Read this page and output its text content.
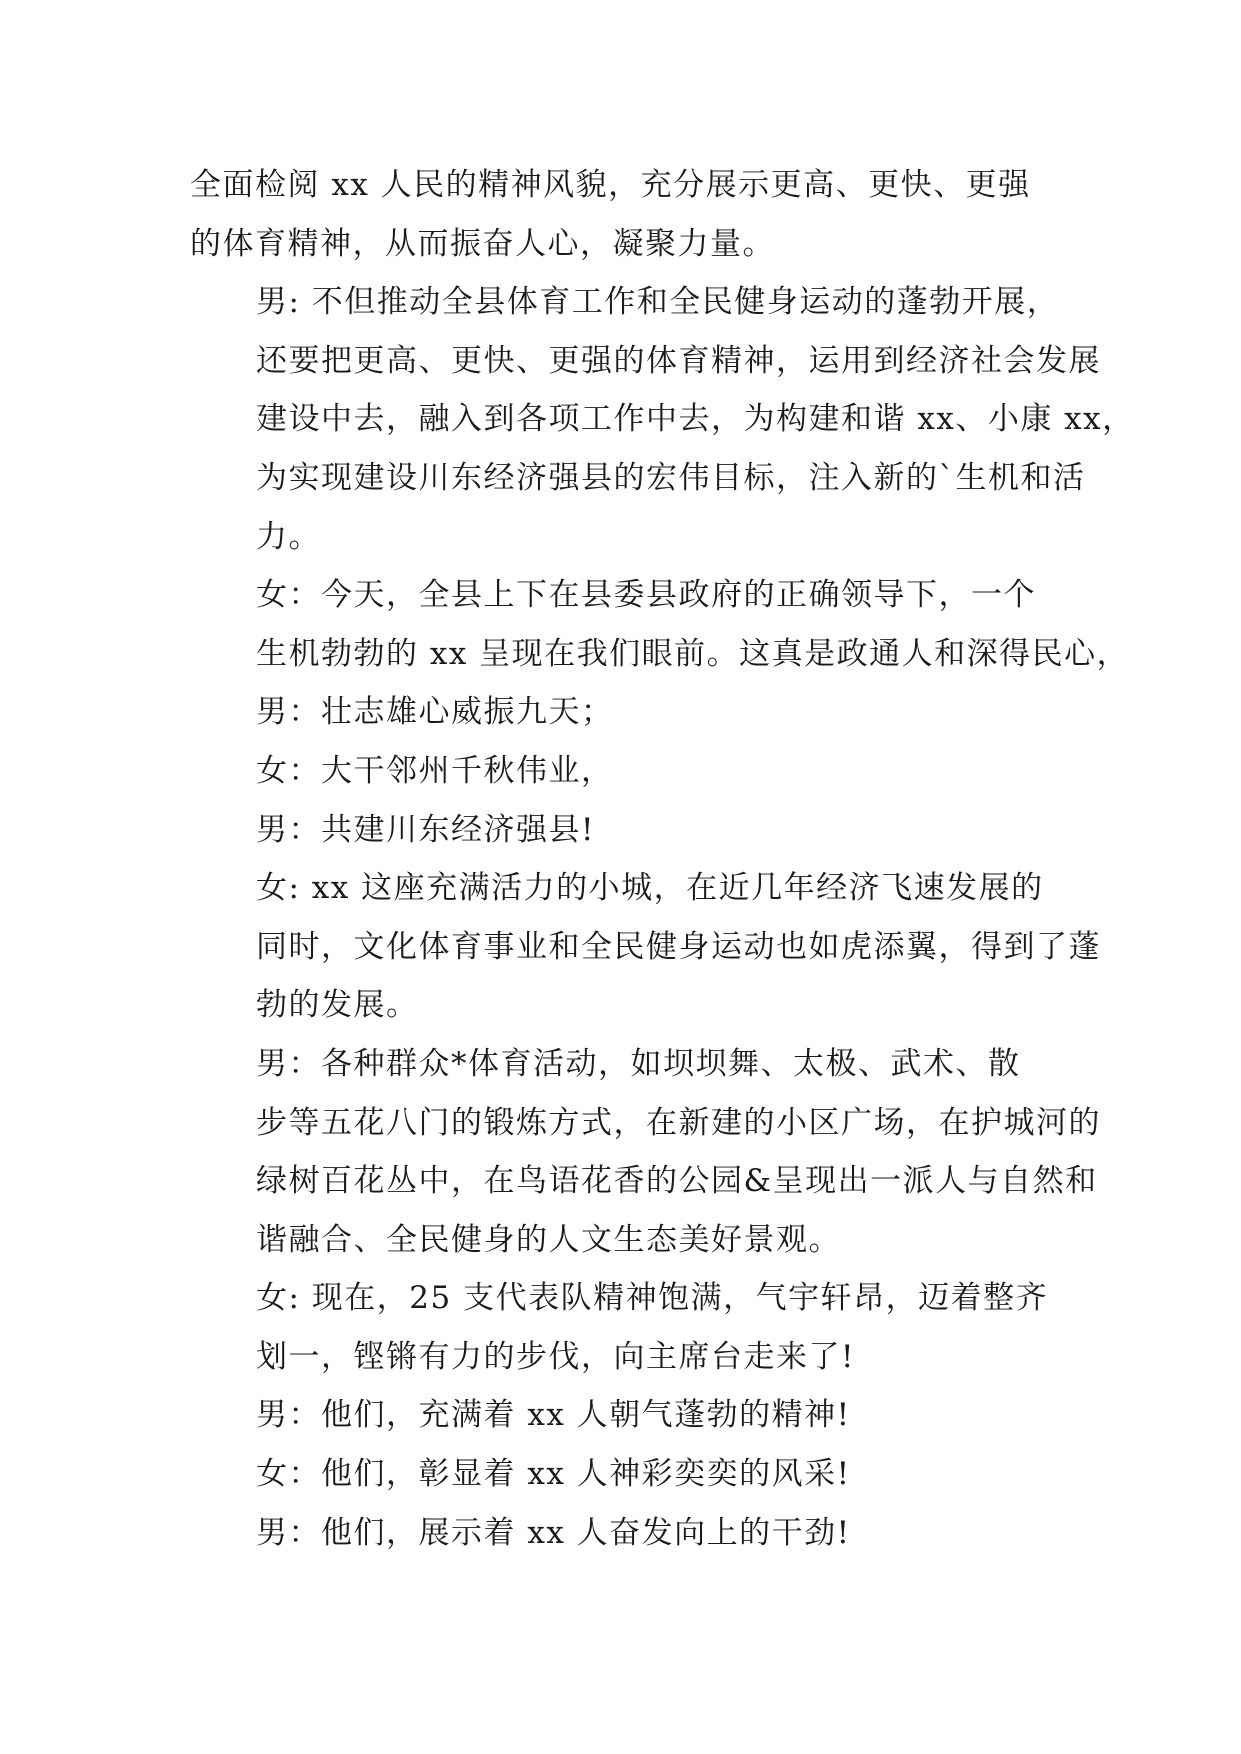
全面检阅 xx 人民的精神风貌，充分展示更高、更快、更强
的体育精神，从而振奋人心，凝聚力量。

男: 不但推动全县体育工作和全民健身运动的蓬勃开展，
还要把更高、更快、更强的体育精神，运用到经济社会发展
建设中去，融入到各项工作中去，为构建和谐 xx、小康 xx，
为实现建设川东经济强县的宏伟目标，注入新的`生机和活
力。

女：今天，全县上下在县委县政府的正确领导下，一个
生机勃勃的 xx 呈现在我们眼前。这真是政通人和深得民心，

男：壮志雄心威振九天；

女：大干邻州千秋伟业，

男：共建川东经济强县!

女: xx 这座充满活力的小城，在近几年经济飞速发展的
同时，文化体育事业和全民健身运动也如虎添翼，得到了蓬
勃的发展。

男：各种群众*体育活动，如坝坝舞、太极、武术、散
步等五花八门的锻炼方式，在新建的小区广场，在护城河的
绿树百花丛中，在鸟语花香的公园&呈现出一派人与自然和
谐融合、全民健身的人文生态美好景观。

女: 现在，25 支代表队精神饱满，气宇轩昂，迈着整齐
划一，铿锵有力的步伐，向主席台走来了!

男：他们，充满着 xx 人朝气蓬勃的精神!

女：他们，彰显着 xx 人神彩奕奕的风采!

男：他们，展示着 xx 人奋发向上的干劲!
